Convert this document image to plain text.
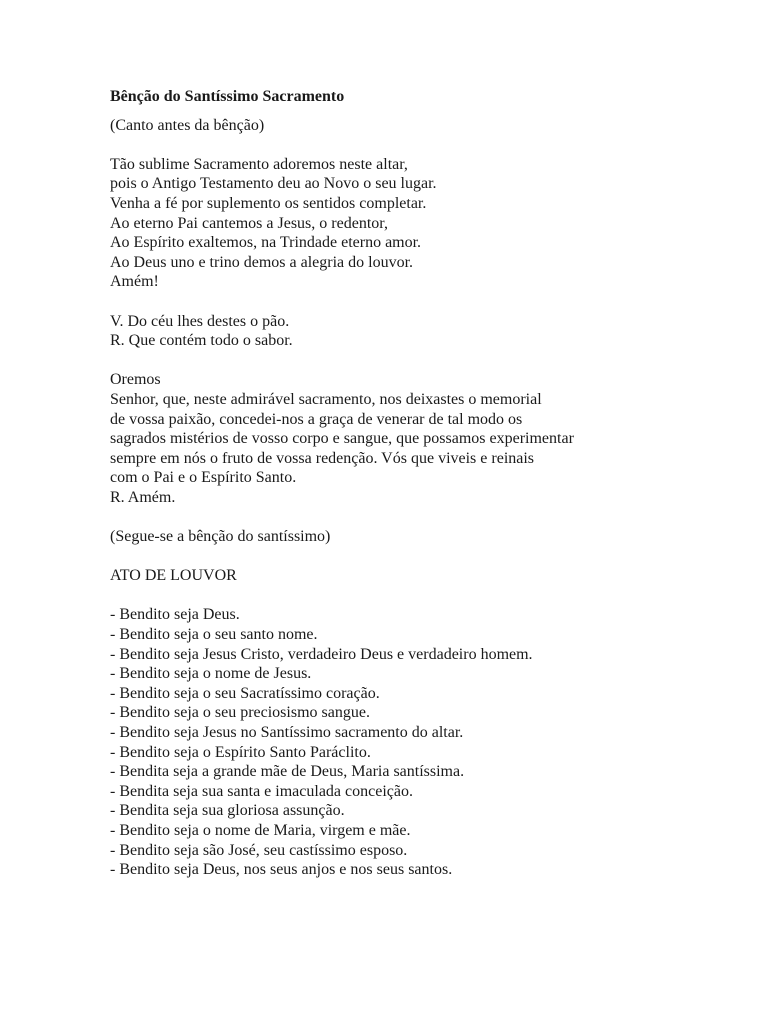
Bênção do Santíssimo Sacramento
(Canto antes da bênção)
Tão sublime Sacramento adoremos neste altar,
pois o Antigo Testamento deu ao Novo o seu lugar.
Venha a fé por suplemento os sentidos completar.
Ao eterno Pai cantemos a Jesus, o redentor,
Ao Espírito exaltemos, na Trindade eterno amor.
Ao Deus uno e trino demos a alegria do louvor.
Amém!
V. Do céu lhes destes o pão.
R. Que contém todo o sabor.
Oremos
Senhor, que, neste admirável sacramento, nos deixastes o memorial
de vossa paixão, concedei-nos a graça de venerar de tal modo os
sagrados mistérios de vosso corpo e sangue, que possamos experimentar
sempre em nós o fruto de vossa redenção. Vós que viveis e reinais
com o Pai e o Espírito Santo.
R. Amém.
(Segue-se a bênção do santíssimo)
ATO DE LOUVOR
- Bendito seja Deus.
- Bendito seja o seu santo nome.
- Bendito seja Jesus Cristo, verdadeiro Deus e verdadeiro homem.
- Bendito seja o nome de Jesus.
- Bendito seja o seu Sacratíssimo coração.
- Bendito seja o seu preciosismo sangue.
- Bendito seja Jesus no Santíssimo sacramento do altar.
- Bendito seja o Espírito Santo Paráclito.
- Bendita seja a grande mãe de Deus, Maria santíssima.
- Bendita seja sua santa e imaculada conceição.
- Bendita seja sua gloriosa assunção.
- Bendito seja o nome de Maria, virgem e mãe.
- Bendito seja são José, seu castíssimo esposo.
- Bendito seja Deus, nos seus anjos e nos seus santos.
